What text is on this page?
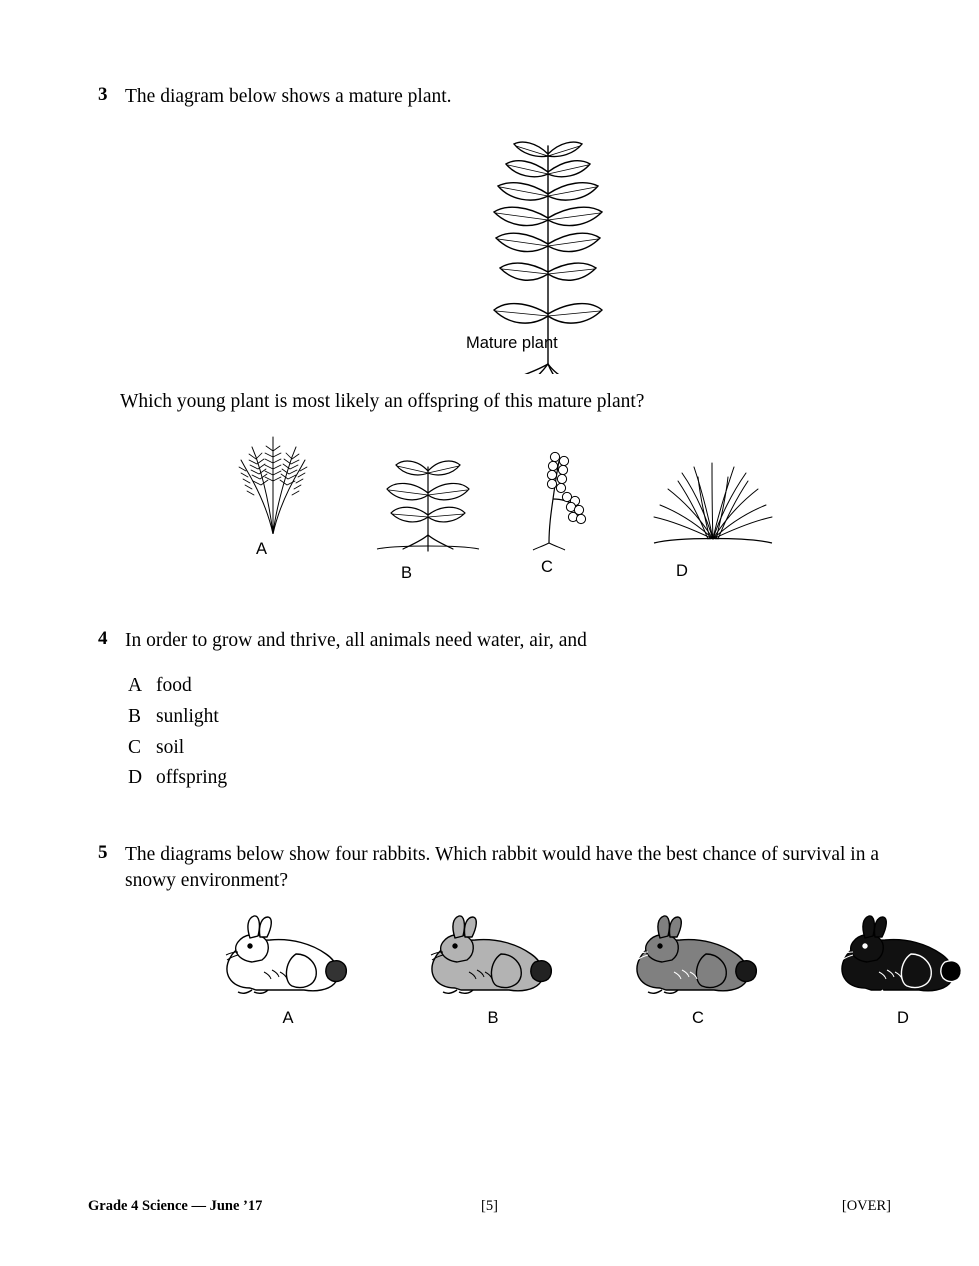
3 The diagram below shows a mature plant.
Mature plant
Which young plant is most likely an offspring of this mature plant?
A
B	C	D
4 In order to grow and thrive, all animals need water, air, and
A food
B sunlight
C soil
D offspring
5 The diagrams below show four rabbits. Which rabbit would have the best chance of survival in a snowy environment?
A	B	C	D
Grade 4 Science — June ’17	[5]	[OVER]
